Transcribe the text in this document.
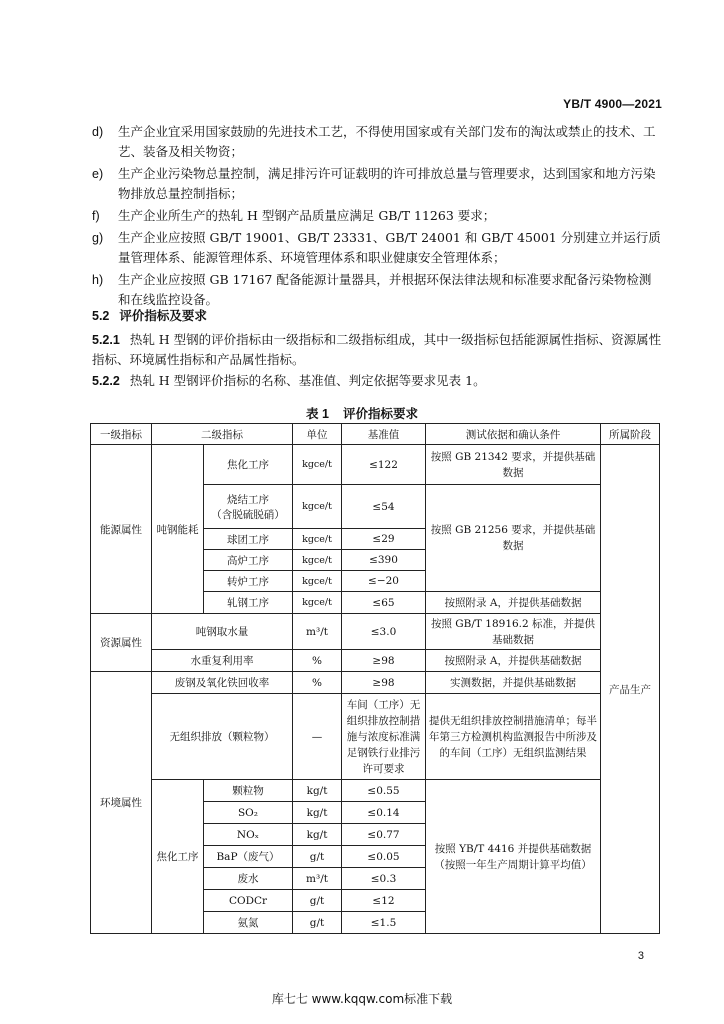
YB/T 4900—2021
d) 生产企业宜采用国家鼓励的先进技术工艺，不得使用国家或有关部门发布的淘汰或禁止的技术、工艺、装备及相关物资；
e) 生产企业污染物总量控制，满足排污许可证载明的许可排放总量与管理要求，达到国家和地方污染物排放总量控制指标；
f) 生产企业所生产的热轧 H 型钢产品质量应满足 GB/T 11263 要求；
g) 生产企业应按照 GB/T 19001、GB/T 23331、GB/T 24001 和 GB/T 45001 分别建立并运行质量管理体系、能源管理体系、环境管理体系和职业健康安全管理体系；
h) 生产企业应按照 GB 17167 配备能源计量器具，并根据环保法律法规和标准要求配备污染物检测和在线监控设备。
5.2 评价指标及要求
5.2.1 热轧 H 型钢的评价指标由一级指标和二级指标组成，其中一级指标包括能源属性指标、资源属性指标、环境属性指标和产品属性指标。
5.2.2 热轧 H 型钢评价指标的名称、基准值、判定依据等要求见表 1。
表 1 评价指标要求
一级指标	二级指标		单位	基准值	测试依据和确认条件	所属阶段
能源属性	吨钢能耗	焦化工序	kgce/t	≤122	按照 GB 21342 要求，并提供基础数据	产品生产

		烧结工序
（含脱硫脱硝）	kgce/t	≤54	按照 GB 21256 要求，并提供基础数据	
		球团工序	kgce/t	≤29		
		高炉工序	kgce/t	≤390		
		转炉工序	kgce/t	≤−20		
		轧钢工序	kgce/t	≤65	按照附录 A，并提供基础数据	
资源属性	吨钢取水量		m³/t	≤3.0	按照 GB/T 18916.2 标准，并提供基础数据	
	水重复利用率		%	≥98	按照附录 A，并提供基础数据	
环境属性	废钢及氧化铁回收率		%	≥98	实测数据，并提供基础数据	
	无组织排放（颗粒物）		—	车间（工序）无组织排放控制措施与浓度标准满足钢铁行业排污许可要求	提供无组织排放控制措施清单；每半年第三方检测机构监测报告中所涉及的车间（工序）无组织监测结果	
	焦化工序	颗粒物	kg/t	≤0.55	按照 YB/T 4416 并提供基础数据（按照一年生产周期计算平均值）	
		SO₂	kg/t	≤0.14		
		NOₓ	kg/t	≤0.77		
		BaP（废气）	g/t	≤0.05		
		废水	m³/t	≤0.3		
		CODCr	g/t	≤12		
		氨氮	g/t	≤1.5		
3
库七七 www.kqqw.com标准下载
